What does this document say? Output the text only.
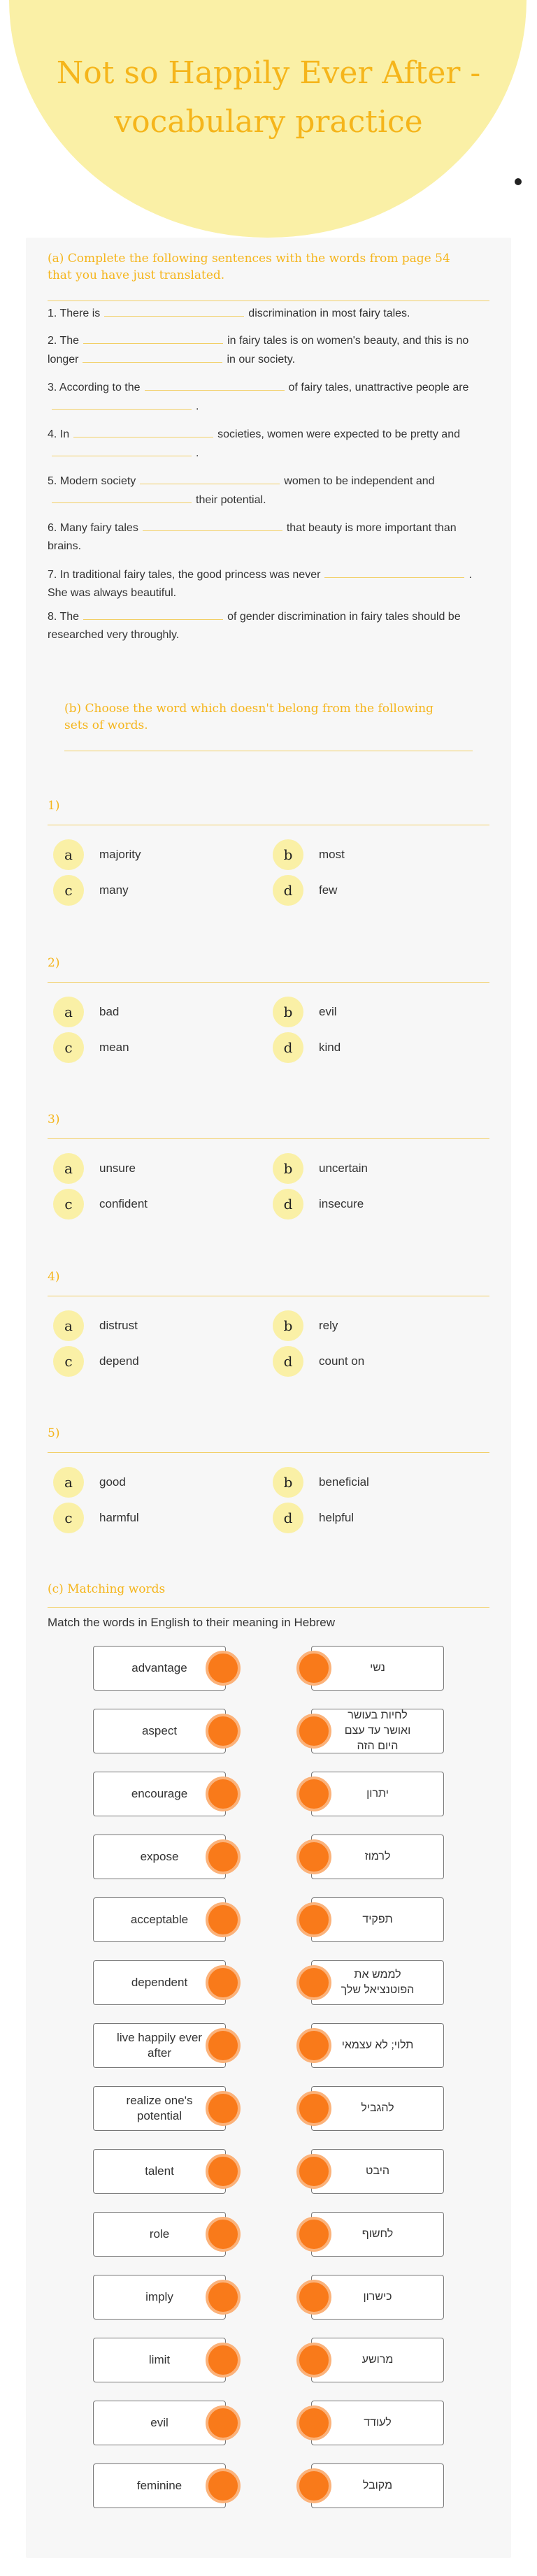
Not so Happily Ever After - vocabulary practice
(a) Complete the following sentences with the words from page 54 that you have just translated.
1. There is	discrimination in most fairy tales.
2. The	in fairy tales is on women's beauty, and this is no longer	in our society.
3. According to the	of fairy tales, unattractive people are.
4. In	societies, women were expected to be pretty and.
5. Modern society	women to be independent andtheir potential.
6. Many fairy tales	that beauty is more important than brains.
7. In traditional fairy tales, the good princess was never	. She was always beautiful.
8. The	of gender discrimination in fairy tales should be researched very throughly.
(b) Choose the word which doesn't belong from the following sets of words.
1)
a	majority	b	most
c	many	d	few
2)
a	bad	b	evil
c	mean	d	kind
3)
a	unsure	b	uncertain
c	confident	d	insecure
4)
a	distrust	b	rely
c	depend	d	count on
5)
a	good	b	beneficial
c	harmful	d	helpful
(c) Matching words
Match the words in English to their meaning in Hebrew
advantage
aspect
encourage
expose
acceptable
dependent
live happily ever after
realize one's potential
talent
role
imply
limit
evil
feminine
נשי
לחיות בעושר ואושר עד עצם היום הזה
יתרון
לרמוז
תפקיד
לממש את הפוטנציאל שלך
תלוי; לא עצמאי
להגביל
היבט
לחשוף
כישרון
מרושע
לעודד
מקובל
